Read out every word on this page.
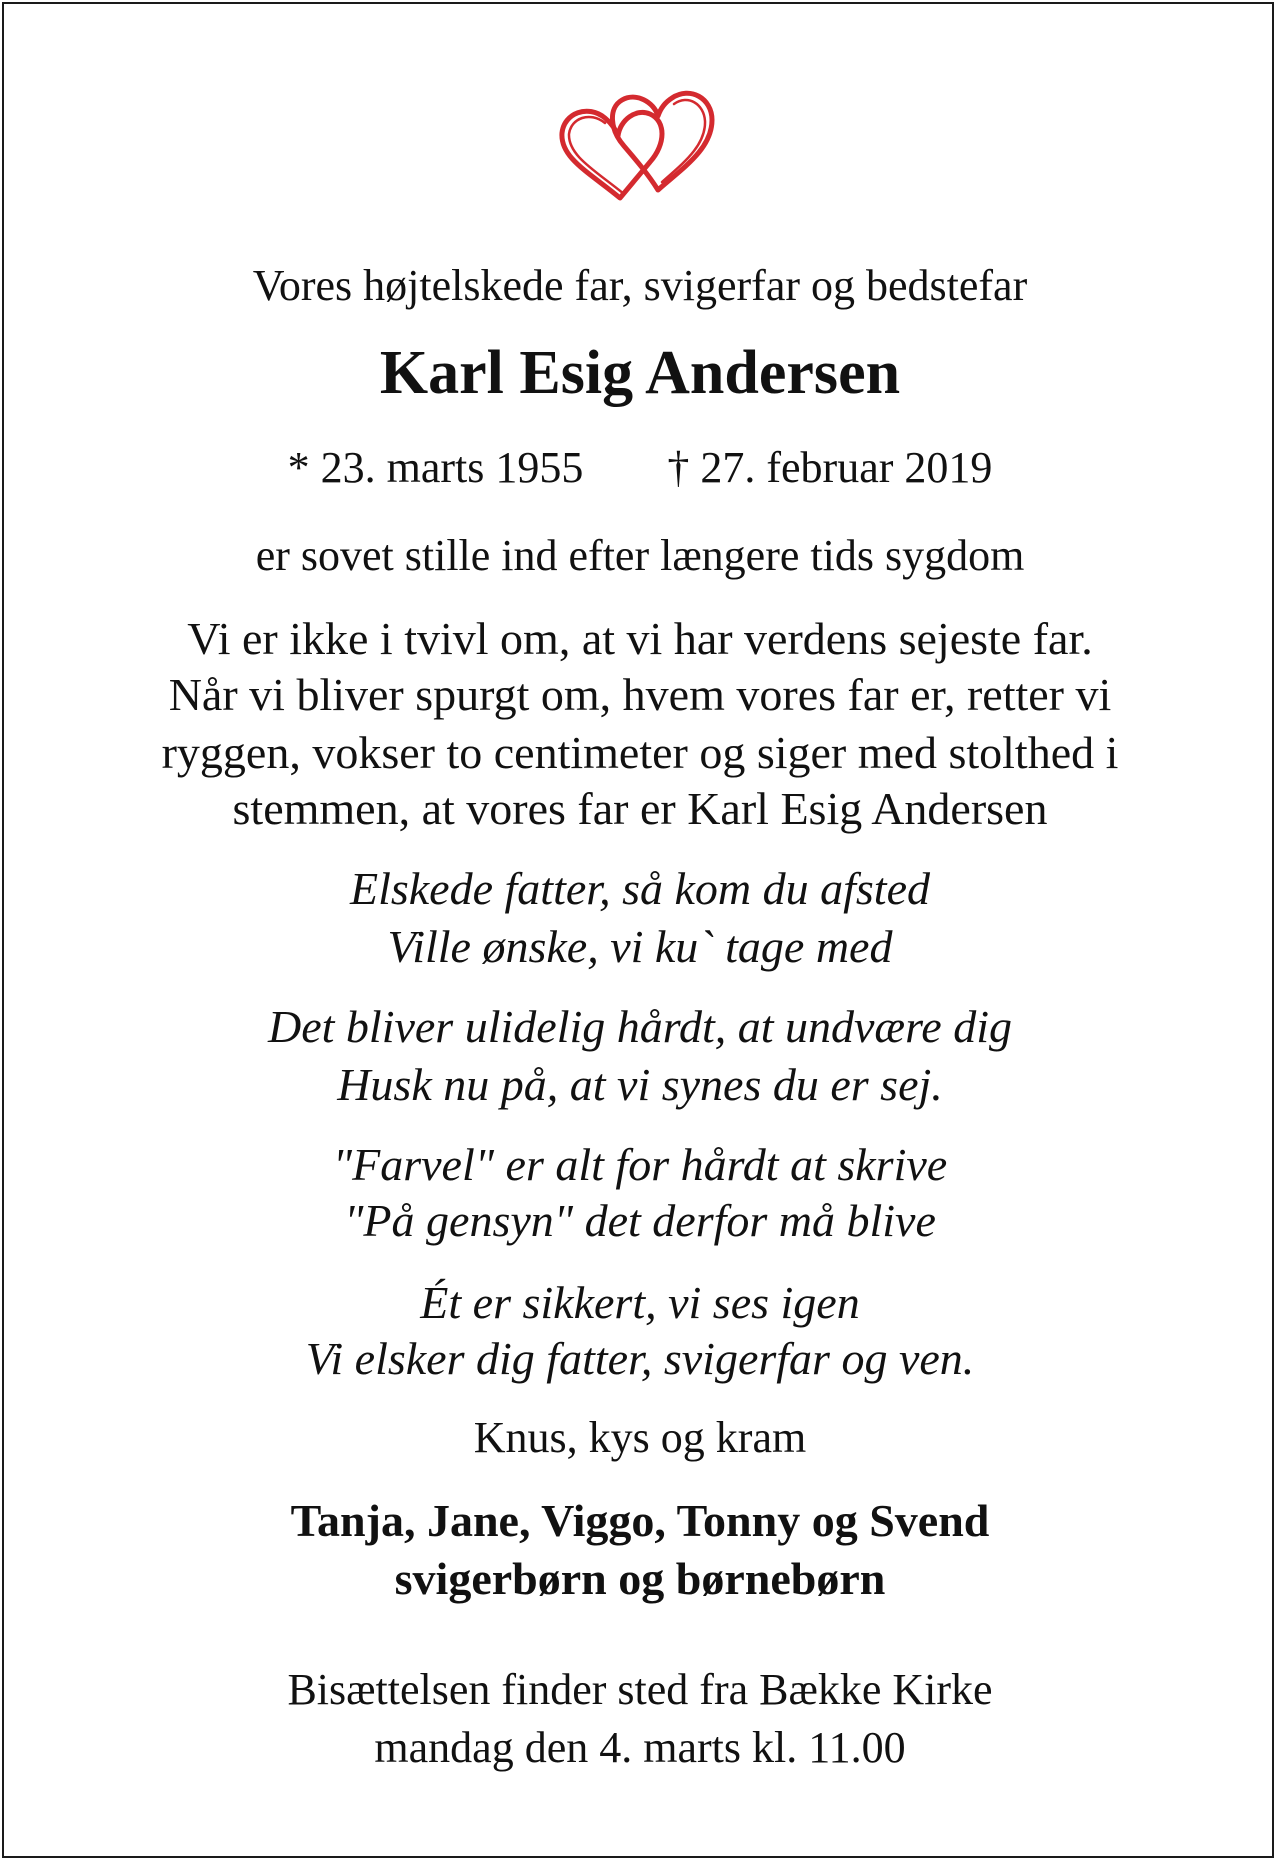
Vores højtelskede far, svigerfar og bedstefar
Karl Esig Andersen
* 23. marts 1955 † 27. februar 2019
er sovet stille ind efter længere tids sygdom
Vi er ikke i tvivl om, at vi har verdens sejeste far.
Når vi bliver spurgt om, hvem vores far er, retter vi
ryggen, vokser to centimeter og siger med stolthed i
stemmen, at vores far er Karl Esig Andersen
Elskede fatter, så kom du afsted
Ville ønske, vi ku` tage med
Det bliver ulidelig hårdt, at undvære dig
Husk nu på, at vi synes du er sej.
"Farvel" er alt for hårdt at skrive
"På gensyn" det derfor må blive
Ét er sikkert, vi ses igen
Vi elsker dig fatter, svigerfar og ven.
Knus, kys og kram
Tanja, Jane, Viggo, Tonny og Svend
svigerbørn og børnebørn
Bisættelsen finder sted fra Bække Kirke
mandag den 4. marts kl. 11.00
